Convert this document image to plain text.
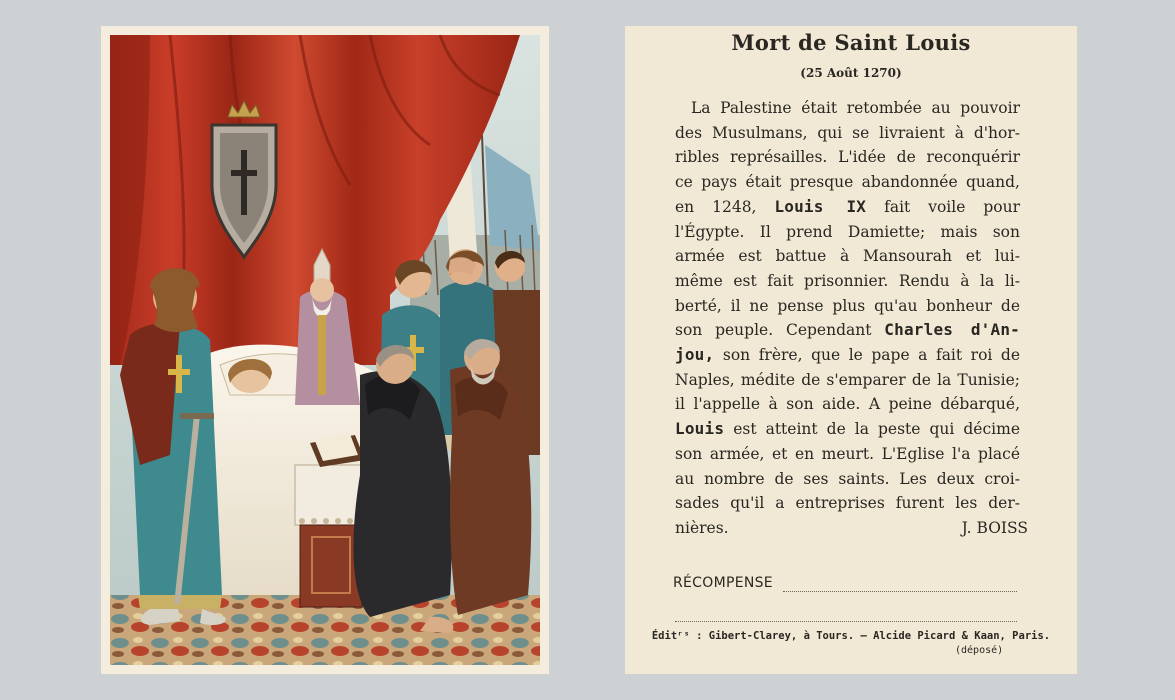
Mort de Saint Louis
(25 Août 1270)
La Palestine était retombée au pouvoir
des Musulmans, qui se livraient à d'hor-
ribles représailles. L'idée de reconquérir
ce pays était presque abandonnée quand,
en 1248, Louis IX fait voile pour
l'Égypte. Il prend Damiette; mais son
armée est battue à Mansourah et lui-
même est fait prisonnier. Rendu à la li-
berté, il ne pense plus qu'au bonheur de
son peuple. Cependant Charles d'An-
jou, son frère, que le pape a fait roi de
Naples, médite de s'emparer de la Tunisie;
il l'appelle à son aide. A peine débarqué,
Louis est atteint de la peste qui décime
son armée, et en meurt. L'Eglise l'a placé
au nombre de ses saints. Les deux croi-
sades qu'il a entreprises furent les der-
nières.	J. BOISS
RÉCOMPENSE
Éditʳˢ : Gibert-Clarey, à Tours. — Alcide Picard & Kaan, Paris.
(déposé)
